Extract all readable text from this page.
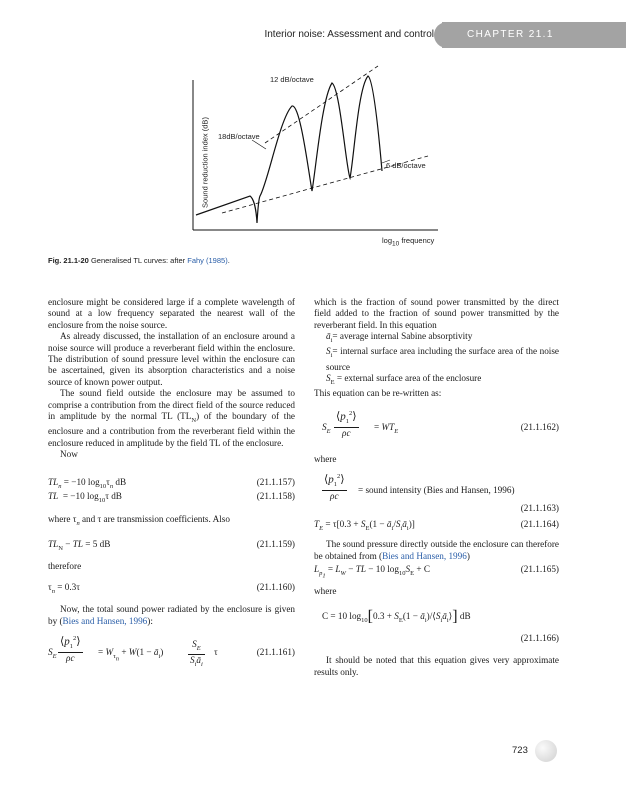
Interior noise: Assessment and control	CHAPTER 21.1
12 dB/octave
18dB/octave
6 dB/octave
Sound reduction index (dB)
$\log_{10}$ frequency
Fig. 21.1-20 Generalised TL curves: after Fahy (1985).

enclosure might be considered large if a complete wavelength of sound at a low frequency separated the nearest wall of the enclosure from the noise source.

As already discussed, the installation of an enclosure around a noise source will produce a reverberant field within the enclosure. The distribution of sound pressure level within the enclosure can be ascertained, given its absorption characteristics and a noise source of known power output.

The sound field outside the enclosure may be assumed to comprise a contribution from the direct field of the source reduced in amplitude by the normal TL $(TL_N)$ of the boundary of the enclosure and a contribution from the reverberant field within the enclosure reduced in amplitude by the field TL of the enclosure.

Now

$TL_n = -10$ $\log_{10}\tau_n$ dB	(21.1.157)
TL  = −10 $\log_{10}\tau$ dB	(21.1.158)

where $\tau_n$ and τ are transmission coefficients. Also

$TL_N$ − TL = 5 dB	(21.1.159)

therefore

$\tau_n = 0.3\tau$	(21.1.160)

Now, the total sound power radiated by the enclosure is given by (Bies and Hansen, 1996):

$S_E$
$⟨p_1^2⟩$
ρc
= $W_{\tau_n} + W(1$ − $ā_i$)
$S_E$
$S_iā_i$
τ	(21.1.161)

which is the fraction of sound power transmitted by the direct field added to the fraction of sound power transmitted by the reverberant field. In this equation

$ā_i=$ average internal Sabine absorptivity

$S_i=$ internal surface area including the surface area of the noise source

$S_E$ = external surface area of the enclosure

This equation can be re-written as:

$S_E$
$⟨p_1^2⟩$
ρc
= $WT_E$	(21.1.162)

where

$⟨p_1^2⟩$
ρc
= sound intensity (Bies and Hansen, 1996)
(21.1.163)
$T_E = \tau[0.3 + S_E(1$ − $ā_i/S_iā_i$)]	(21.1.164)

The sound pressure directly outside the enclosure can therefore be obtained from (Bies and Hansen, 1996)

$L_{p_1} = L_W$ − TL − 10 $\log_{10}S_E + C$	(21.1.165)

where

C = 10 $\log_{10}[0.3 + S_E(1$ − $ā_i)/⟨S_iā_i⟩$] dB
(21.1.166)

It should be noted that this equation gives very approximate results only.

723
